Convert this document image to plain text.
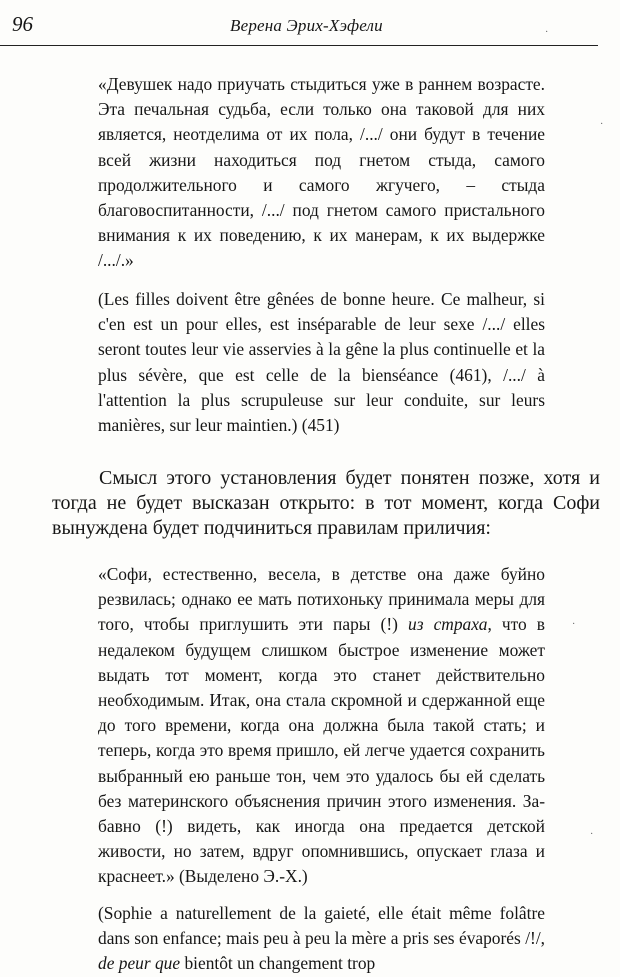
96	Верена Эрих-Хэфели
«Девушек надо приучать стыдиться уже в раннем возрасте. Эта печальная судьба, если только она таковой для них является, неотделима от их пола, /.../ они будут в течение всей жизни находиться под гнетом стыда, самого продолжительного и самого жгучего, – стыда благовоспитанности, /.../ под гнетом самого пристального внимания к их поведению, к их манерам, к их выдержке /.../.»
(Les filles doivent être gênées de bonne heure. Ce malheur, si c'en est un pour elles, est inséparable de leur sexe /.../ elles seront toutes leur vie asservies à la gêne la plus continuelle et la plus sévère, que est celle de la bienséance (461), /.../ à l'attention la plus scrupuleuse sur leur conduite, sur leurs manières, sur leur maintien.) (451)
Смысл этого установления будет понятен позже, хотя и тогда не будет высказан открыто: в тот момент, когда Софи вынуждена будет подчиниться правилам приличия:
«Софи, естественно, весела, в детстве она даже буйно резвилась; однако ее мать потихоньку принимала меры для того, чтобы приглушить эти пары (!) из страха, что в недалеком будущем слишком быстрое изменение может выдать тот момент, когда это станет действительно необходимым. Итак, она стала скромной и сдержанной еще до того времени, когда она должна была такой стать; и теперь, когда это время пришло, ей легче удается сохранить выбранный ею раньше тон, чем это удалось бы ей сделать без материнского объяснения причин этого изменения. Забавно (!) видеть, как иногда она предается детской живости, но затем, вдруг опомнившись, опускает глаза и краснеет.» (Выделено Э.-Х.)
(Sophie a naturellement de la gaieté, elle était même folâtre dans son enfance; mais peu à peu la mère a pris ses évaporés /!/, de peur que bientôt un changement trop
·
·
·
·
